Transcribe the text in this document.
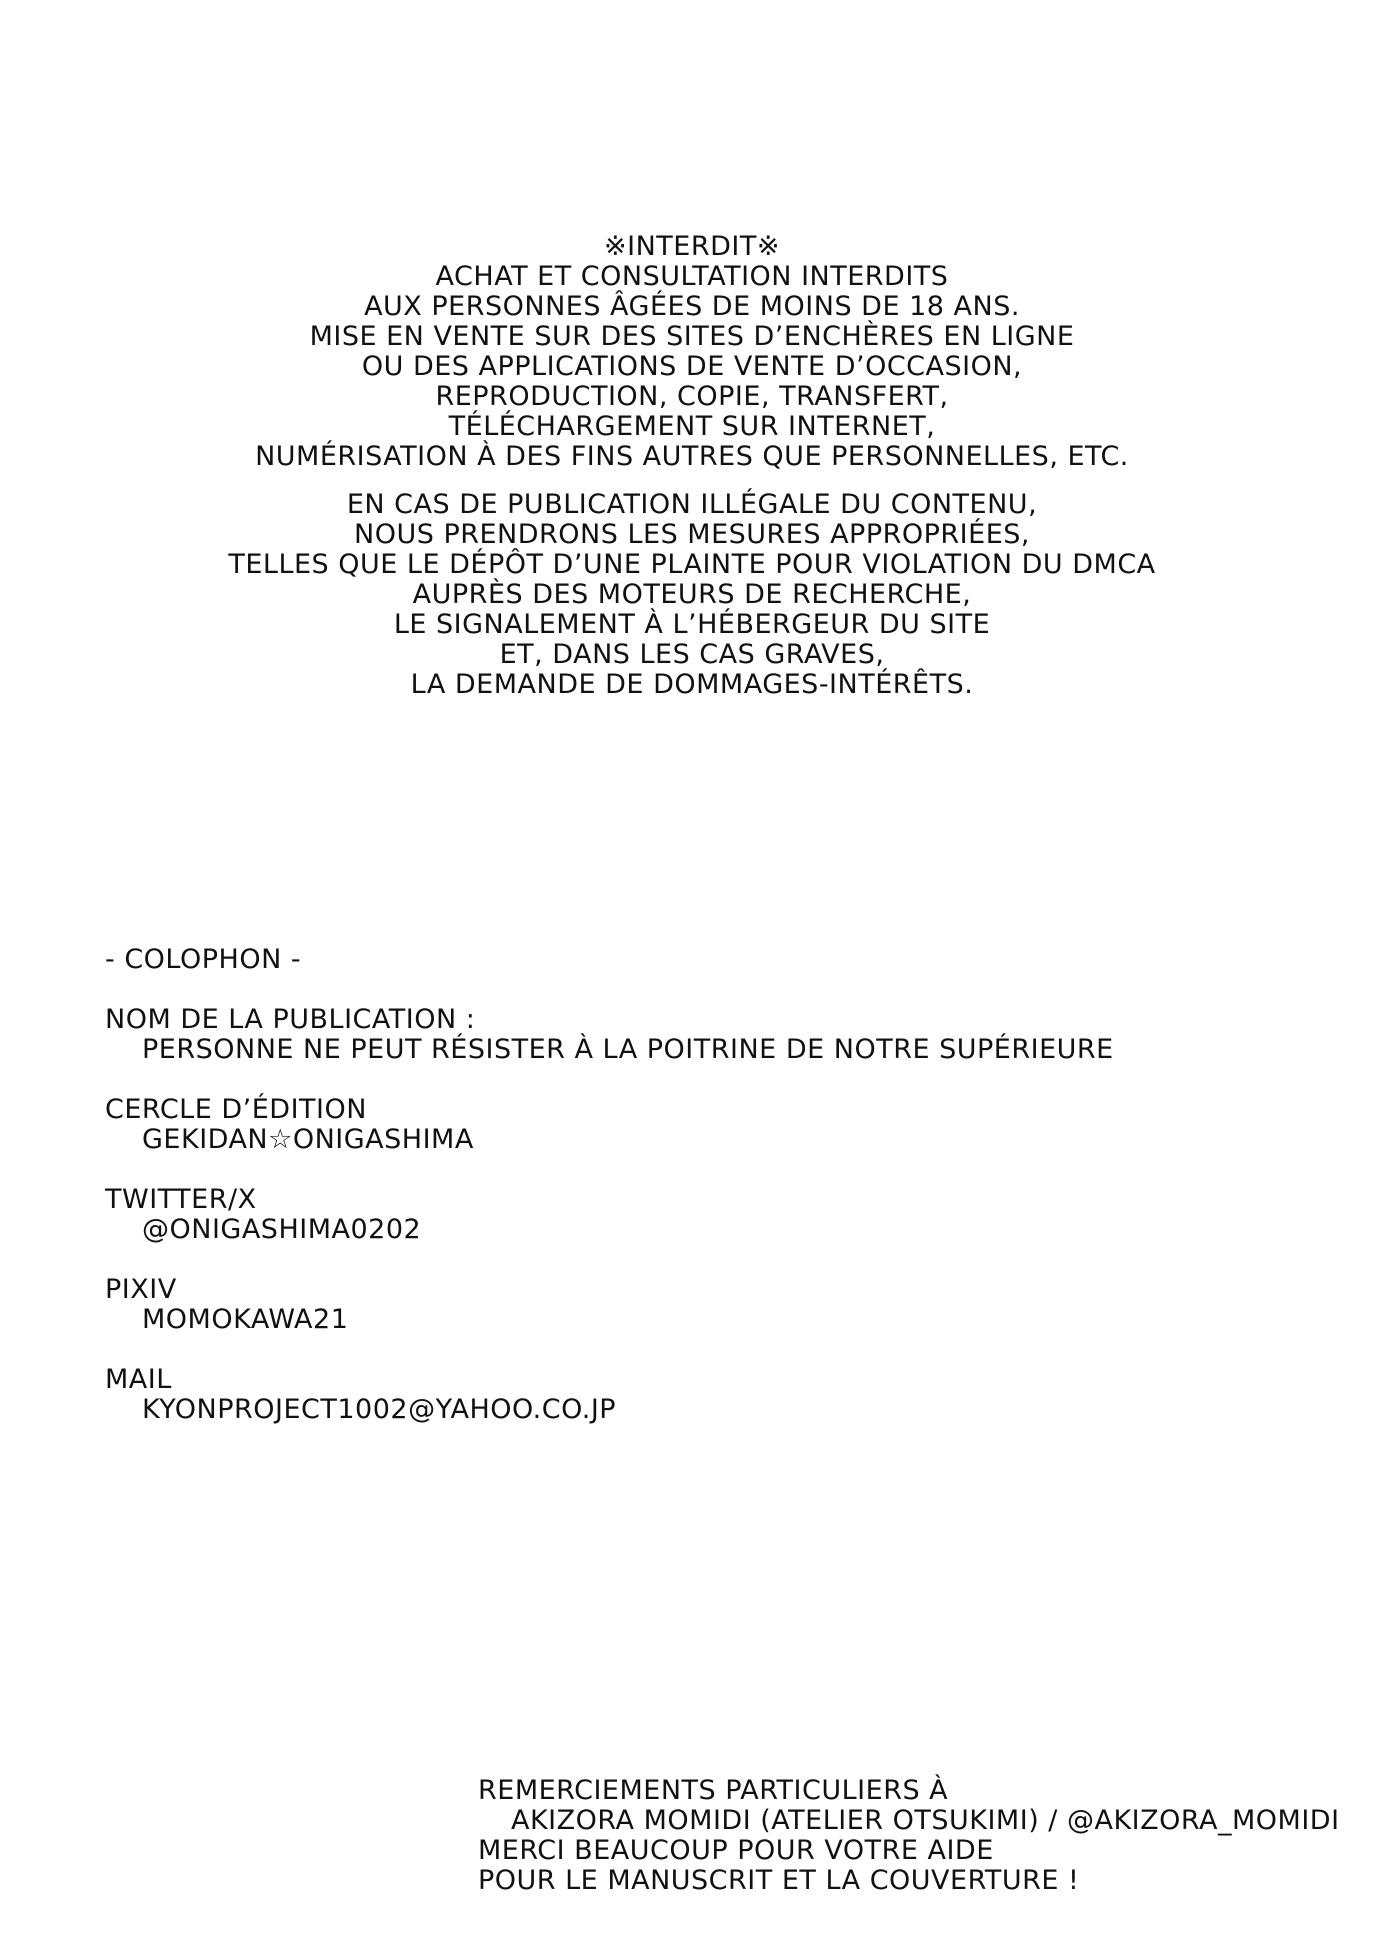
※INTERDIT※
ACHAT ET CONSULTATION INTERDITS
AUX PERSONNES ÂGÉES DE MOINS DE 18 ANS.
MISE EN VENTE SUR DES SITES D’ENCHÈRES EN LIGNE
OU DES APPLICATIONS DE VENTE D’OCCASION,
REPRODUCTION, COPIE, TRANSFERT,
TÉLÉCHARGEMENT SUR INTERNET,
NUMÉRISATION À DES FINS AUTRES QUE PERSONNELLES, ETC.
EN CAS DE PUBLICATION ILLÉGALE DU CONTENU,
NOUS PRENDRONS LES MESURES APPROPRIÉES,
TELLES QUE LE DÉPÔT D’UNE PLAINTE POUR VIOLATION DU DMCA
AUPRÈS DES MOTEURS DE RECHERCHE,
LE SIGNALEMENT À L’HÉBERGEUR DU SITE
ET, DANS LES CAS GRAVES,
LA DEMANDE DE DOMMAGES-INTÉRÊTS.
- COLOPHON -
NOM DE LA PUBLICATION :
PERSONNE NE PEUT RÉSISTER À LA POITRINE DE NOTRE SUPÉRIEURE
CERCLE D’ÉDITION
GEKIDAN☆ONIGASHIMA
TWITTER/X
@ONIGASHIMA0202
PIXIV
MOMOKAWA21
MAIL
KYONPROJECT1002@YAHOO.CO.JP
REMERCIEMENTS PARTICULIERS À
AKIZORA MOMIDI (ATELIER OTSUKIMI) / @AKIZORA_MOMIDI
MERCI BEAUCOUP POUR VOTRE AIDE
POUR LE MANUSCRIT ET LA COUVERTURE !
